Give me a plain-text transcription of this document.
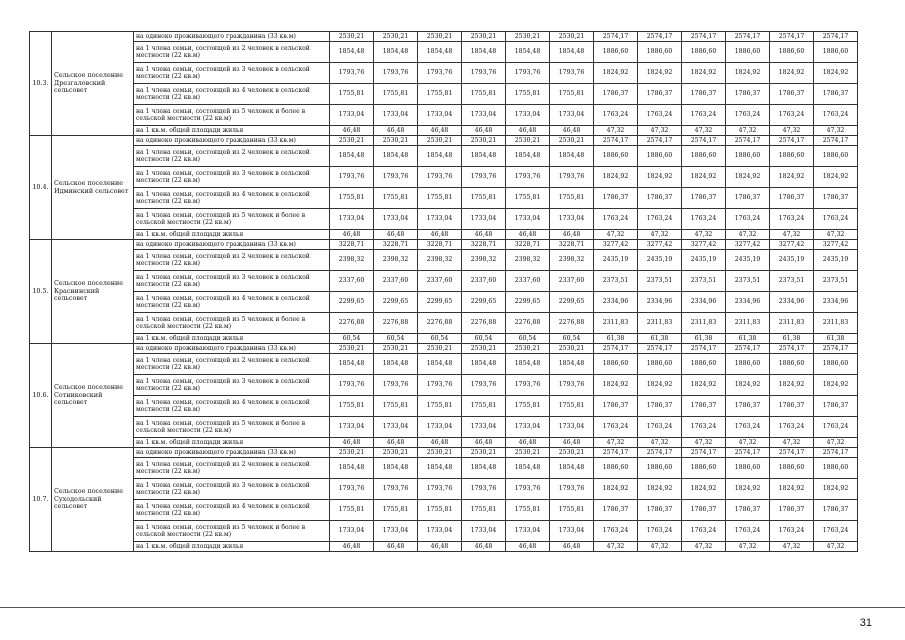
10.3.	Сельское поселение Дрезгаловский сельсовет	на одиноко проживающего гражданина (33 кв.м)	2530,21	2530,21	2530,21	2530,21	2530,21	2530,21	2574,17	2574,17	2574,17	2574,17	2574,17	2574,17
		на 1 члена семьи, состоящей из 2 человек в сельской местности (22 кв.м)	1854,48	1854,48	1854,48	1854,48	1854,48	1854,48	1886,60	1886,60	1886,60	1886,60	1886,60	1886,60
		на 1 члена семьи, состоящей из 3 человек в сельской местности (22 кв.м)	1793,76	1793,76	1793,76	1793,76	1793,76	1793,76	1824,92	1824,92	1824,92	1824,92	1824,92	1824,92
		на 1 члена семьи, состоящей из 4 человек в сельской местности (22 кв.м)	1755,81	1755,81	1755,81	1755,81	1755,81	1755,81	1786,37	1786,37	1786,37	1786,37	1786,37	1786,37
		на 1 члена семьи, состоящей из 5 человек и более в сельской местности (22 кв.м)	1733,04	1733,04	1733,04	1733,04	1733,04	1733,04	1763,24	1763,24	1763,24	1763,24	1763,24	1763,24
		на 1 кв.м. общей площади жилья	46,48	46,48	46,48	46,48	46,48	46,48	47,32	47,32	47,32	47,32	47,32	47,32
10.4.	Сельское поселение Идминский сельсовет	на одиноко проживающего гражданина (33 кв.м)	2530,21	2530,21	2530,21	2530,21	2530,21	2530,21	2574,17	2574,17	2574,17	2574,17	2574,17	2574,17
		на 1 члена семьи, состоящей из 2 человек в сельской местности (22 кв.м)	1854,48	1854,48	1854,48	1854,48	1854,48	1854,48	1886,60	1886,60	1886,60	1886,60	1886,60	1886,60
		на 1 члена семьи, состоящей из 3 человек в сельской местности (22 кв.м)	1793,76	1793,76	1793,76	1793,76	1793,76	1793,76	1824,92	1824,92	1824,92	1824,92	1824,92	1824,92
		на 1 члена семьи, состоящей из 4 человек в сельской местности (22 кв.м)	1755,81	1755,81	1755,81	1755,81	1755,81	1755,81	1786,37	1786,37	1786,37	1786,37	1786,37	1786,37
		на 1 члена семьи, состоящей из 5 человек и более в сельской местности (22 кв.м)	1733,04	1733,04	1733,04	1733,04	1733,04	1733,04	1763,24	1763,24	1763,24	1763,24	1763,24	1763,24
		на 1 кв.м. общей площади жилья	46,48	46,48	46,48	46,48	46,48	46,48	47,32	47,32	47,32	47,32	47,32	47,32
10.5.	Сельское поселение Краснинский сельсовет	на одиноко проживающего гражданина (33 кв.м)	3228,71	3228,71	3228,71	3228,71	3228,71	3228,71	3277,42	3277,42	3277,42	3277,42	3277,42	3277,42
		на 1 члена семьи, состоящей из 2 человек в сельской местности (22 кв.м)	2398,32	2398,32	2398,32	2398,32	2398,32	2398,32	2435,19	2435,19	2435,19	2435,19	2435,19	2435,19
		на 1 члена семьи, состоящей из 3 человек в сельской местности (22 кв.м)	2337,60	2337,60	2337,60	2337,60	2337,60	2337,60	2373,51	2373,51	2373,51	2373,51	2373,51	2373,51
		на 1 члена семьи, состоящей из 4 человек в сельской местности (22 кв.м)	2299,65	2299,65	2299,65	2299,65	2299,65	2299,65	2334,96	2334,96	2334,96	2334,96	2334,96	2334,96
		на 1 члена семьи, состоящей из 5 человек и более в сельской местности (22 кв.м)	2276,88	2276,88	2276,88	2276,88	2276,88	2276,88	2311,83	2311,83	2311,83	2311,83	2311,83	2311,83
		на 1 кв.м. общей площади жилья	60,54	60,54	60,54	60,54	60,54	60,54	61,38	61,38	61,38	61,38	61,38	61,38
10.6.	Сельское поселение Сотниковский сельсовет	на одиноко проживающего гражданина (33 кв.м)	2530,21	2530,21	2530,21	2530,21	2530,21	2530,21	2574,17	2574,17	2574,17	2574,17	2574,17	2574,17
		на 1 члена семьи, состоящей из 2 человек в сельской местности (22 кв.м)	1854,48	1854,48	1854,48	1854,48	1854,48	1854,48	1886,60	1886,60	1886,60	1886,60	1886,60	1886,60
		на 1 члена семьи, состоящей из 3 человек в сельской местности (22 кв.м)	1793,76	1793,76	1793,76	1793,76	1793,76	1793,76	1824,92	1824,92	1824,92	1824,92	1824,92	1824,92
		на 1 члена семьи, состоящей из 4 человек в сельской местности (22 кв.м)	1755,81	1755,81	1755,81	1755,81	1755,81	1755,81	1786,37	1786,37	1786,37	1786,37	1786,37	1786,37
		на 1 члена семьи, состоящей из 5 человек и более в сельской местности (22 кв.м)	1733,04	1733,04	1733,04	1733,04	1733,04	1733,04	1763,24	1763,24	1763,24	1763,24	1763,24	1763,24
		на 1 кв.м. общей площади жилья	46,48	46,48	46,48	46,48	46,48	46,48	47,32	47,32	47,32	47,32	47,32	47,32
10.7.	Сельское поселение Суходольский сельсовет	на одиноко проживающего гражданина (33 кв.м)	2530,21	2530,21	2530,21	2530,21	2530,21	2530,21	2574,17	2574,17	2574,17	2574,17	2574,17	2574,17
		на 1 члена семьи, состоящей из 2 человек в сельской местности (22 кв.м)	1854,48	1854,48	1854,48	1854,48	1854,48	1854,48	1886,60	1886,60	1886,60	1886,60	1886,60	1886,60
		на 1 члена семьи, состоящей из 3 человек в сельской местности (22 кв.м)	1793,76	1793,76	1793,76	1793,76	1793,76	1793,76	1824,92	1824,92	1824,92	1824,92	1824,92	1824,92
		на 1 члена семьи, состоящей из 4 человек в сельской местности (22 кв.м)	1755,81	1755,81	1755,81	1755,81	1755,81	1755,81	1786,37	1786,37	1786,37	1786,37	1786,37	1786,37
		на 1 члена семьи, состоящей из 5 человек и более в сельской местности (22 кв.м)	1733,04	1733,04	1733,04	1733,04	1733,04	1733,04	1763,24	1763,24	1763,24	1763,24	1763,24	1763,24
		на 1 кв.м. общей площади жилья	46,48	46,48	46,48	46,48	46,48	46,48	47,32	47,32	47,32	47,32	47,32	47,32
31
